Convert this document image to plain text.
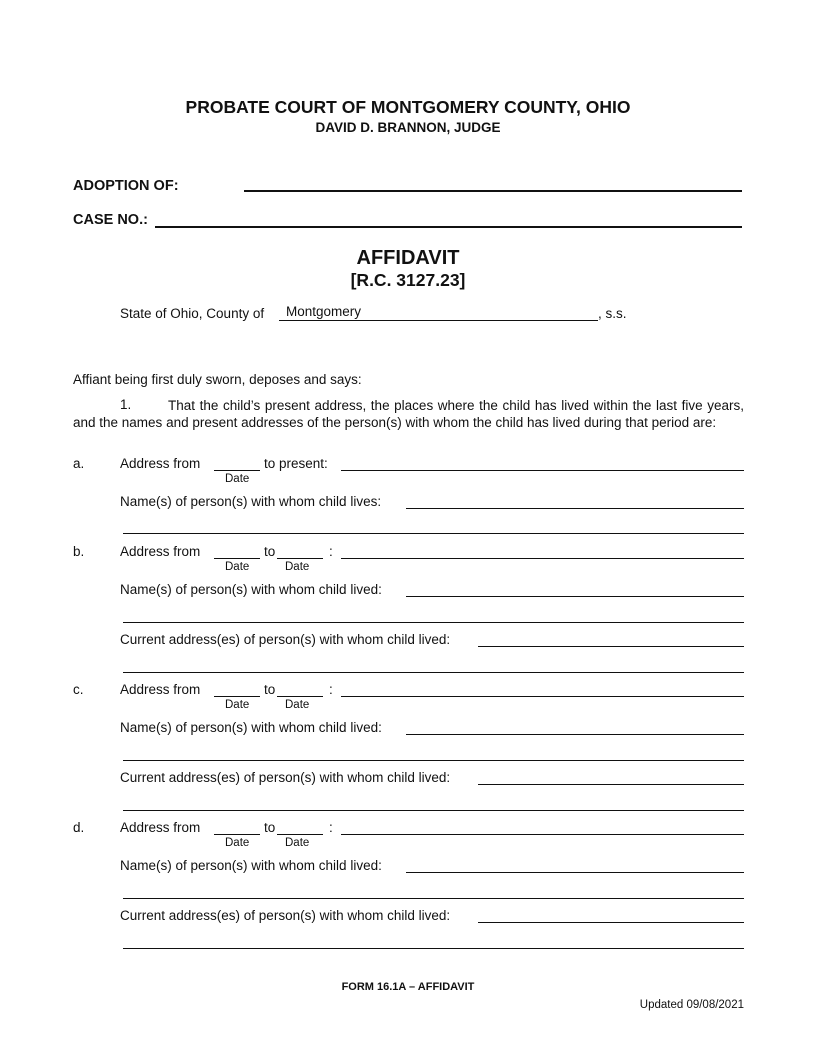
PROBATE COURT OF MONTGOMERY COUNTY, OHIO
DAVID D. BRANNON, JUDGE
ADOPTION OF:
CASE NO.:
AFFIDAVIT
[R.C. 3127.23]
State of Ohio, County of Montgomery	, s.s.
Affiant being first duly sworn, deposes and says:
1.	That the child’s present address, the places where the child has lived within the last five years, and the names and present addresses of the person(s) with whom the child has lived during that period are:
a.	Address from
Date
to present:
Name(s) of person(s) with whom child lives:
b.	Address from
Date
to
Date
:
Name(s) of person(s) with whom child lived:
Current address(es) of person(s) with whom child lived:
c.	Address from
Date
to
Date
:
Name(s) of person(s) with whom child lived:
Current address(es) of person(s) with whom child lived:
d.	Address from
Date
to
Date
:
Name(s) of person(s) with whom child lived:
Current address(es) of person(s) with whom child lived:
FORM 16.1A – AFFIDAVIT
Updated 09/08/2021
